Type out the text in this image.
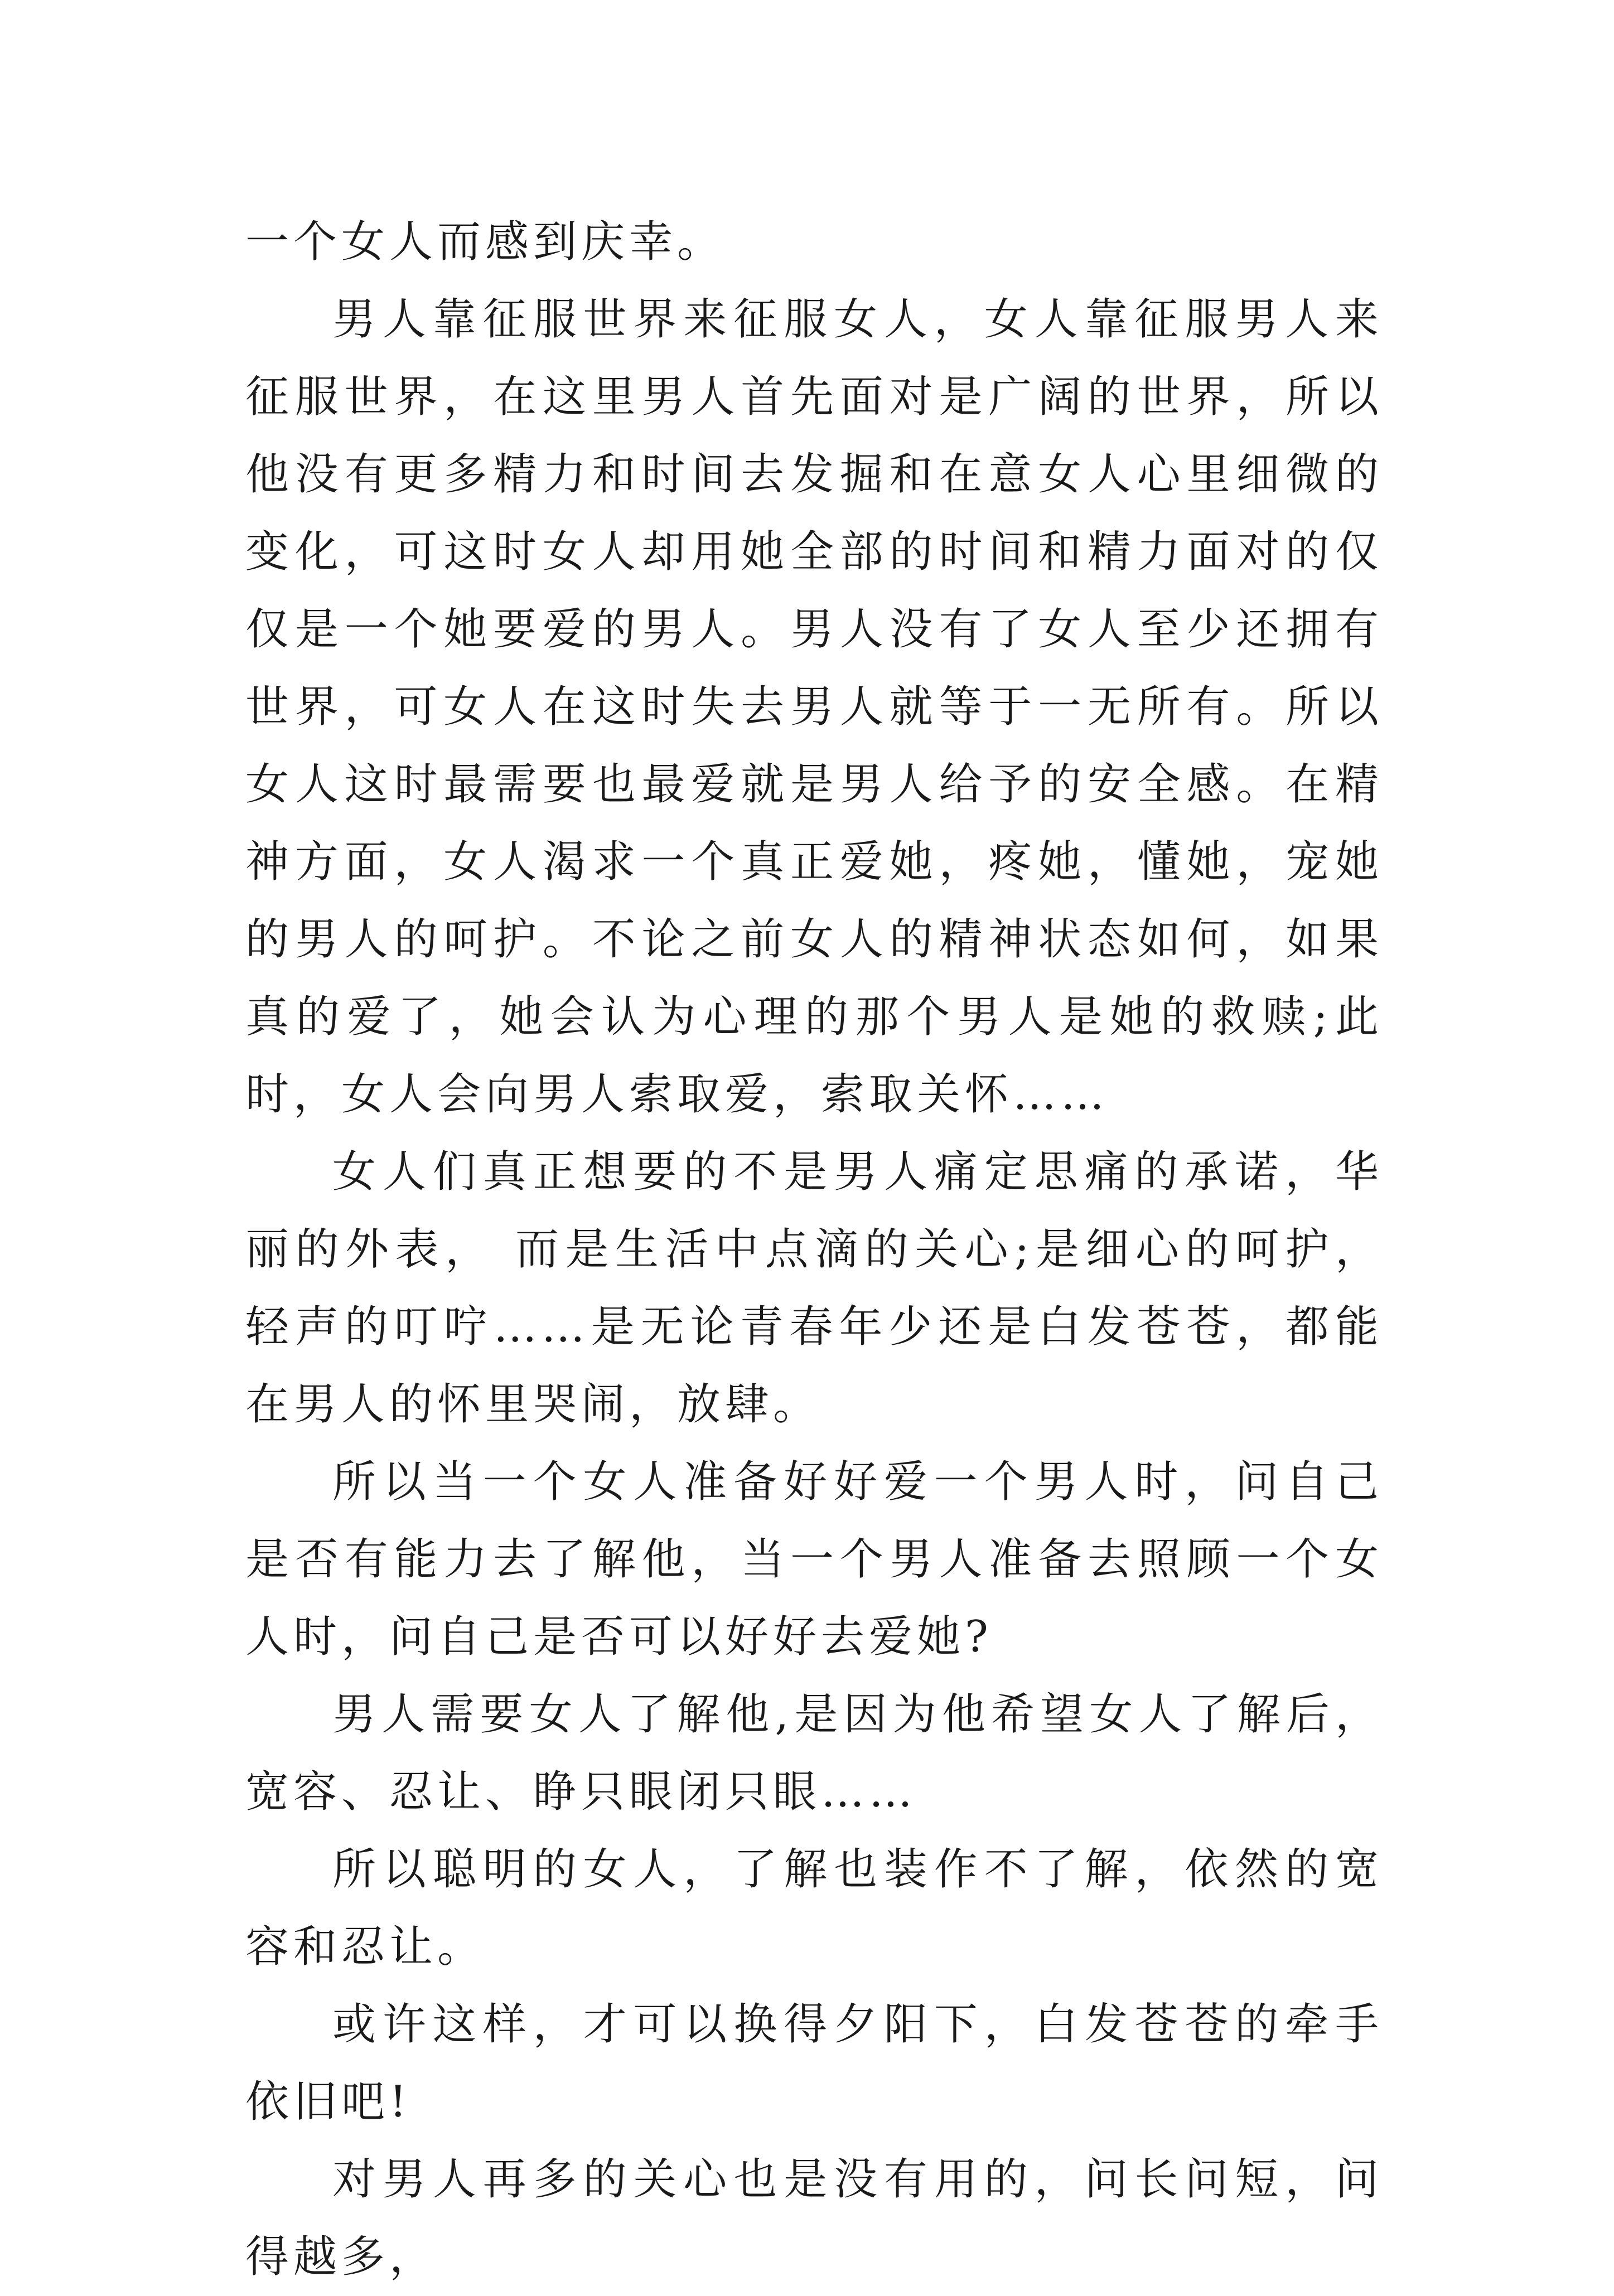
一个女人而感到庆幸。

男人靠征服世界来征服女人，女人靠征服男人来征服世界，在这里男人首先面对是广阔的世界，所以他没有更多精力和时间去发掘和在意女人心里细微的变化，可这时女人却用她全部的时间和精力面对的仅仅是一个她要爱的男人。男人没有了女人至少还拥有世界，可女人在这时失去男人就等于一无所有。所以女人这时最需要也最爱就是男人给予的安全感。在精神方面，女人渴求一个真正爱她，疼她，懂她，宠她的男人的呵护。不论之前女人的精神状态如何，如果真的爱了，她会认为心理的那个男人是她的救赎;此时，女人会向男人索取爱，索取关怀……

女人们真正想要的不是男人痛定思痛的承诺，华丽的外表， 而是生活中点滴的关心;是细心的呵护， 轻声的叮咛……是无论青春年少还是白发苍苍，都能在男人的怀里哭闹，放肆。

所以当一个女人准备好好爱一个男人时，问自己是否有能力去了解他，当一个男人准备去照顾一个女人时，问自己是否可以好好去爱她?

男人需要女人了解他,是因为他希望女人了解后，宽容、忍让、睁只眼闭只眼……

所以聪明的女人，了解也装作不了解，依然的宽容和忍让。

或许这样，才可以换得夕阳下，白发苍苍的牵手依旧吧!

对男人再多的关心也是没有用的，问长问短，问得越多，
